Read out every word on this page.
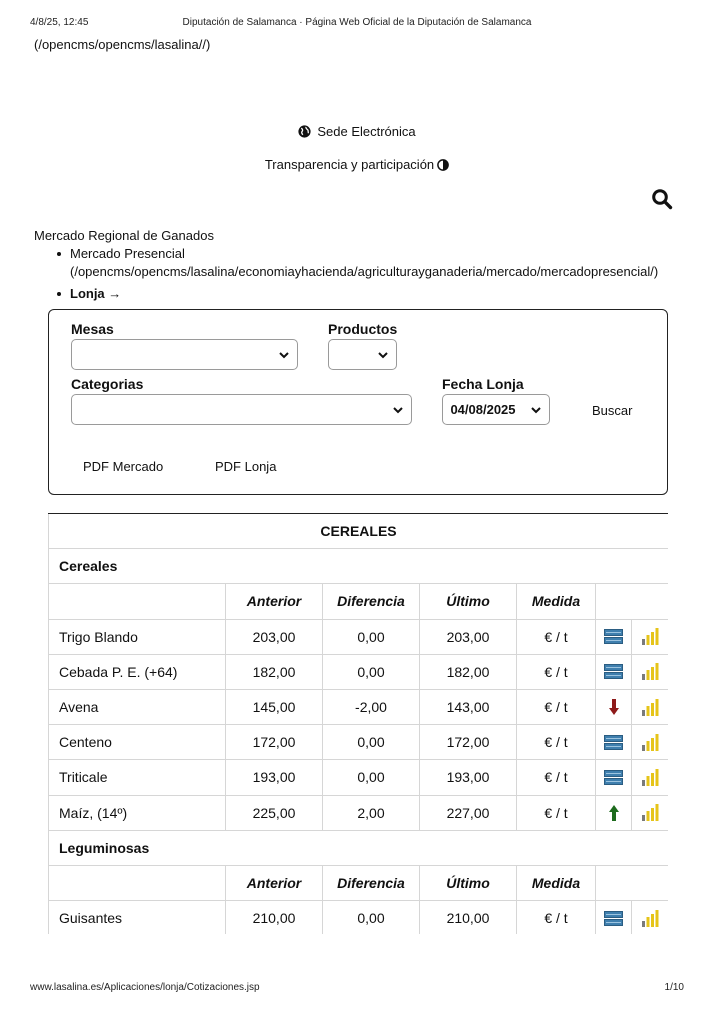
4/8/25, 12:45	Diputación de Salamanca · Página Web Oficial de la Diputación de Salamanca
(/opencms/opencms/lasalina//)
Sede Electrónica
Transparencia y participación
Mercado Regional de Ganados
Mercado Presencial
(/opencms/opencms/lasalina/economiayhacienda/agriculturayganaderia/mercado/mercadopresencial/)
Lonja →
Mesas	Productos
Categorias	Fecha Lonja
04/08/2025	Buscar
PDF Mercado	PDF Lonja
CEREALES						
Cereales						
	Anterior	Diferencia	Último	Medida		
Trigo Blando	203,00	0,00	203,00	€ / t	

Cebada P. E. (+64)	182,00	0,00	182,00	€ / t	

Avena	145,00	-2,00	143,00	€ / t	

Centeno	172,00	0,00	172,00	€ / t	

Triticale	193,00	0,00	193,00	€ / t	

Maíz, (14º)	225,00	2,00	227,00	€ / t	

Leguminosas						
	Anterior	Diferencia	Último	Medida		
Guisantes	210,00	0,00	210,00	€ / t	

www.lasalina.es/Aplicaciones/lonja/Cotizaciones.jsp	1/10
